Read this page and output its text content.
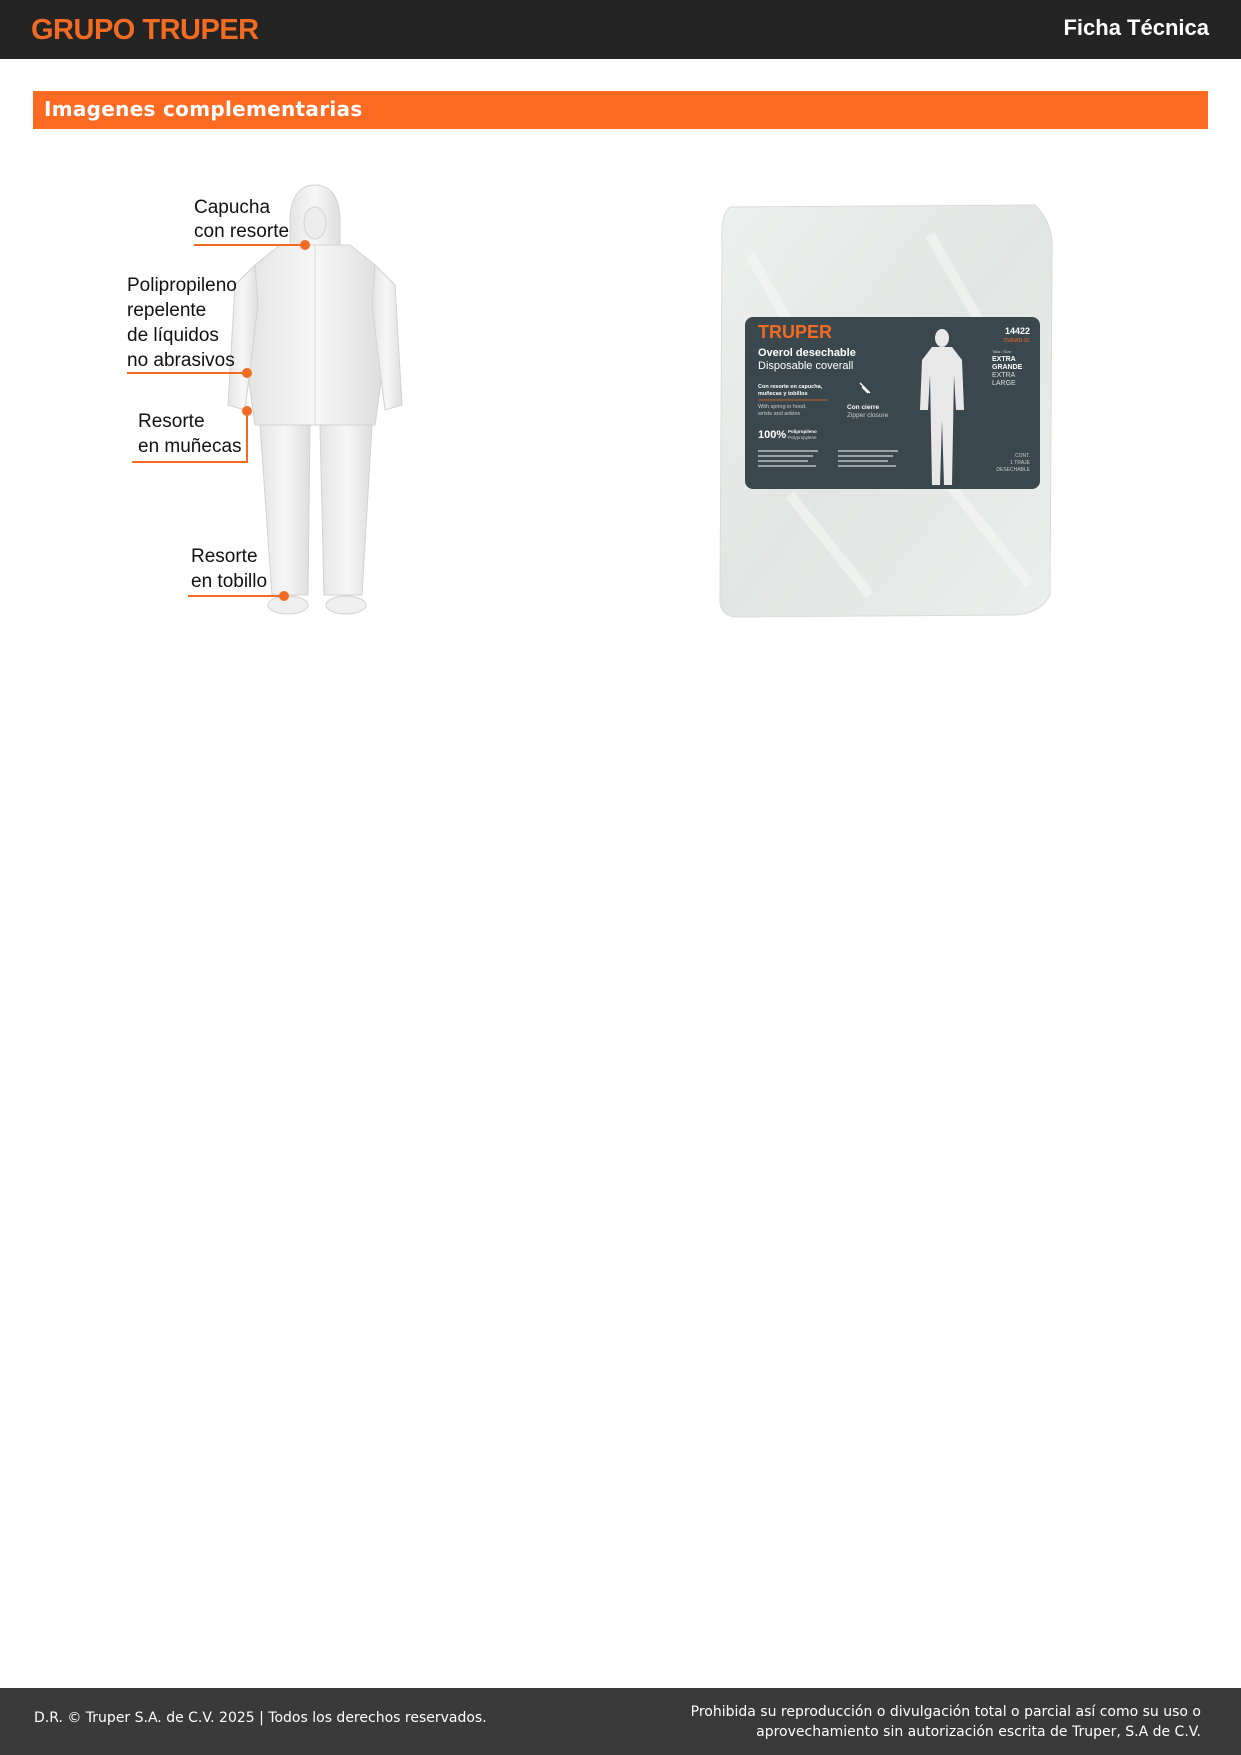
GRUPO TRUPER	Ficha Técnica
Imagenes complementarias
Capucha
con resorte
Polipropileno
repelente
de líquidos
no abrasivos
Resorte
en muñecas
Resorte
en tobillo
TRUPER	14422
OVEWD-XL
Overol desechable
Disposable coverall
Talla / Size
EXTRA
GRANDE
EXTRA
LARGE
Con resorte en capucha,
muñecas y tobillos
With spring in hood,
wrists and ankles
Con cierre
Zipper closure
100% Polipropileno
Polypropylene
CONT.
1 TRAJE
DESECHABLE
D.R. © Truper S.A. de C.V. 2025 | Todos los derechos reservados.	Prohibida su reproducción o divulgación total o parcial así como su uso o
aprovechamiento sin autorización escrita de Truper, S.A de C.V.
